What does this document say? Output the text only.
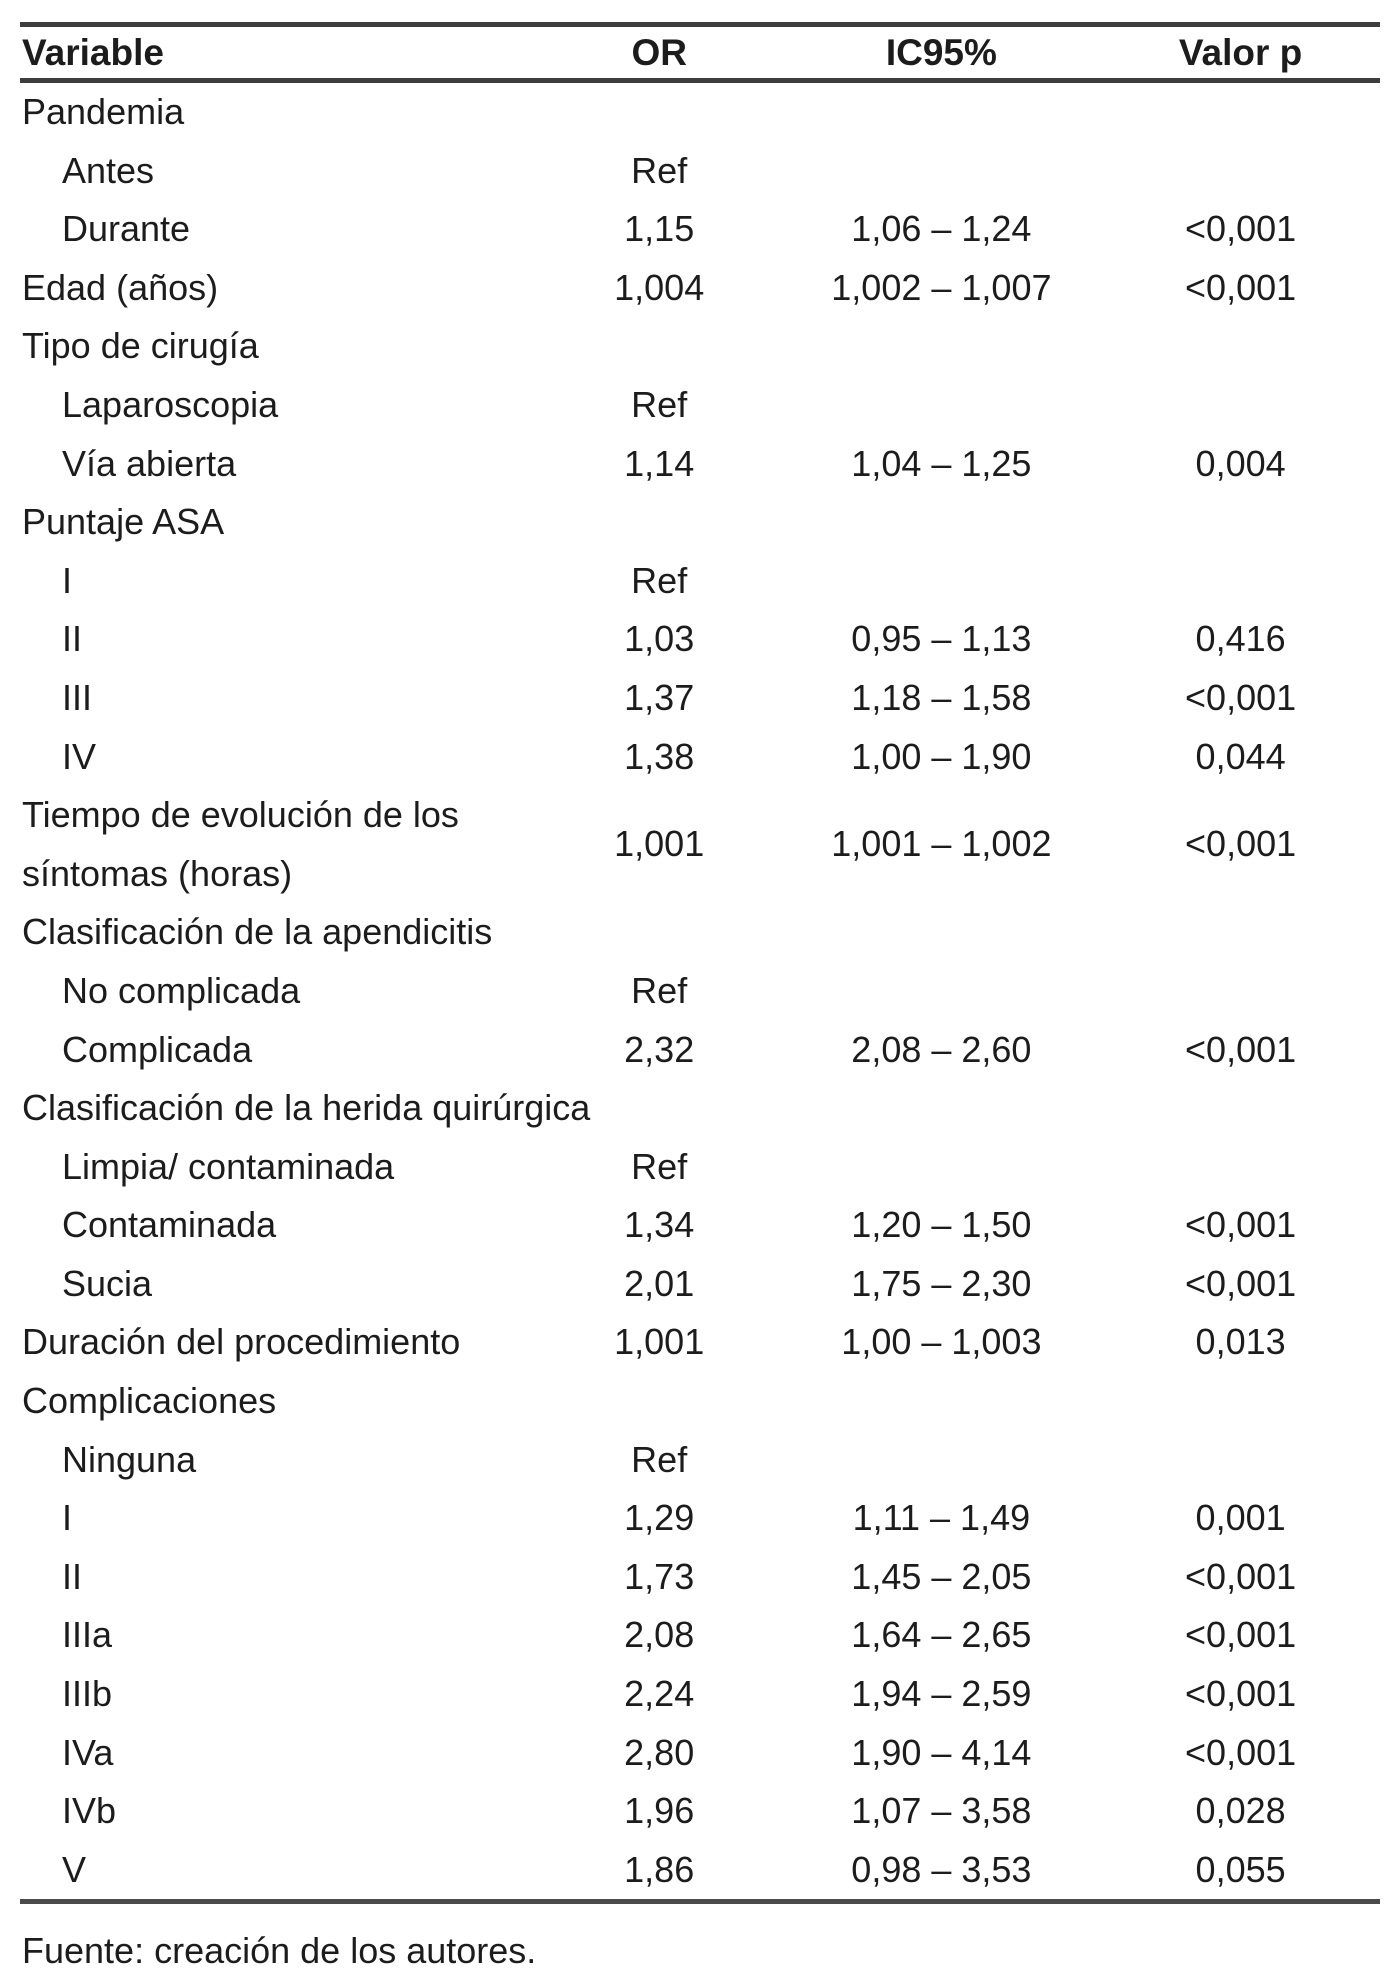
Variable	OR	IC95%	Valor p
Pandemia			
Antes	Ref		
Durante	1,15	1,06 – 1,24	<0,001
Edad (años)	1,004	1,002 – 1,007	<0,001
Tipo de cirugía			
Laparoscopia	Ref		
Vía abierta	1,14	1,04 – 1,25	0,004
Puntaje ASA			
I	Ref		
II	1,03	0,95 – 1,13	0,416
III	1,37	1,18 – 1,58	<0,001
IV	1,38	1,00 – 1,90	0,044
Tiempo de evolución de los síntomas (horas)	1,001	1,001 – 1,002	<0,001
Clasificación de la apendicitis			
No complicada	Ref		
Complicada	2,32	2,08 – 2,60	<0,001
Clasificación de la herida quirúrgica			
Limpia/ contaminada	Ref		
Contaminada	1,34	1,20 – 1,50	<0,001
Sucia	2,01	1,75 – 2,30	<0,001
Duración del procedimiento	1,001	1,00 – 1,003	0,013
Complicaciones			
Ninguna	Ref		
I	1,29	1,11 – 1,49	0,001
II	1,73	1,45 – 2,05	<0,001
IIIa	2,08	1,64 – 2,65	<0,001
IIIb	2,24	1,94 – 2,59	<0,001
IVa	2,80	1,90 – 4,14	<0,001
IVb	1,96	1,07 – 3,58	0,028
V	1,86	0,98 – 3,53	0,055

Fuente: creación de los autores.
